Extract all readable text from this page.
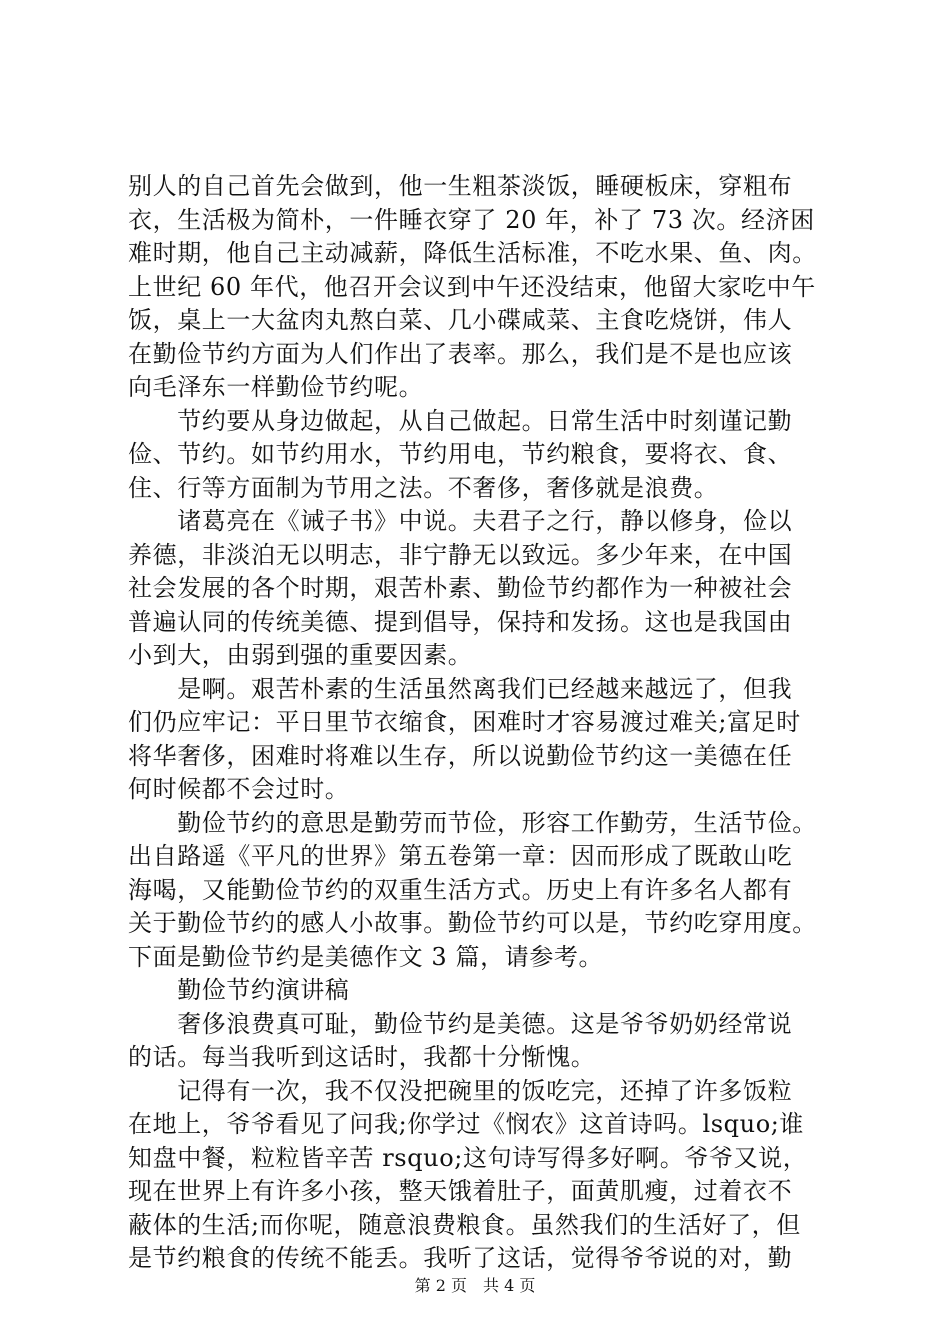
别人的自己首先会做到，他一生粗茶淡饭，睡硬板床，穿粗布
衣，生活极为简朴，一件睡衣穿了 20 年，补了 73 次。经济困
难时期，他自己主动减薪，降低生活标准，不吃水果、鱼、肉。
上世纪 60 年代，他召开会议到中午还没结束，他留大家吃中午
饭，桌上一大盆肉丸熬白菜、几小碟咸菜、主食吃烧饼，伟人
在勤俭节约方面为人们作出了表率。那么，我们是不是也应该
向毛泽东一样勤俭节约呢。
　　节约要从身边做起，从自己做起。日常生活中时刻谨记勤
俭、节约。如节约用水，节约用电，节约粮食，要将衣、食、
住、行等方面制为节用之法。不奢侈，奢侈就是浪费。
　　诸葛亮在《诫子书》中说。夫君子之行，静以修身，俭以
养德，非淡泊无以明志，非宁静无以致远。多少年来，在中国
社会发展的各个时期，艰苦朴素、勤俭节约都作为一种被社会
普遍认同的传统美德、提到倡导，保持和发扬。这也是我国由
小到大，由弱到强的重要因素。
　　是啊。艰苦朴素的生活虽然离我们已经越来越远了，但我
们仍应牢记：平日里节衣缩食，困难时才容易渡过难关;富足时
将华奢侈，困难时将难以生存，所以说勤俭节约这一美德在任
何时候都不会过时。
　　勤俭节约的意思是勤劳而节俭，形容工作勤劳，生活节俭。
出自路遥《平凡的世界》第五卷第一章：因而形成了既敢山吃
海喝，又能勤俭节约的双重生活方式。历史上有许多名人都有
关于勤俭节约的感人小故事。勤俭节约可以是，节约吃穿用度。
下面是勤俭节约是美德作文 3 篇，请参考。
　　勤俭节约演讲稿
　　奢侈浪费真可耻，勤俭节约是美德。这是爷爷奶奶经常说
的话。每当我听到这话时，我都十分惭愧。
　　记得有一次，我不仅没把碗里的饭吃完，还掉了许多饭粒
在地上，爷爷看见了问我;你学过《悯农》这首诗吗。lsquo;谁
知盘中餐，粒粒皆辛苦 rsquo;这句诗写得多好啊。爷爷又说，
现在世界上有许多小孩，整天饿着肚子，面黄肌瘦，过着衣不
蔽体的生活;而你呢，随意浪费粮食。虽然我们的生活好了，但
是节约粮食的传统不能丢。我听了这话，觉得爷爷说的对，勤
第 2 页　共 4 页
